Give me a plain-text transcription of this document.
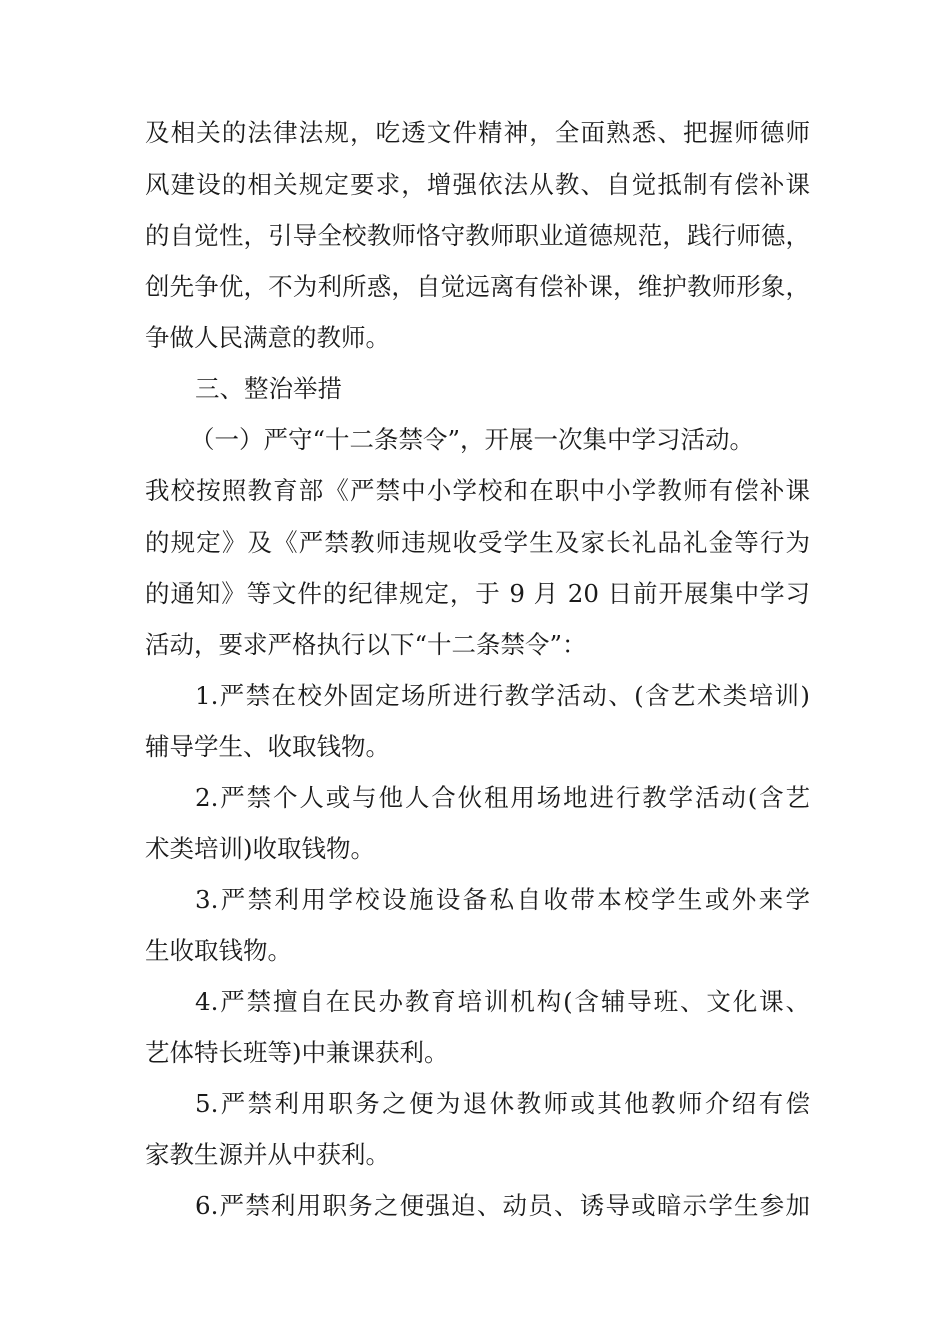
及相关的法律法规，吃透文件精神，全面熟悉、把握师德师
风建设的相关规定要求，增强依法从教、自觉抵制有偿补课
的自觉性，引导全校教师恪守教师职业道德规范，践行师德，
创先争优，不为利所惑，自觉远离有偿补课，维护教师形象，
争做人民满意的教师。
三、整治举措
（一）严守“十二条禁令”，开展一次集中学习活动。
我校按照教育部《严禁中小学校和在职中小学教师有偿补课
的规定》及《严禁教师违规收受学生及家长礼品礼金等行为
的通知》等文件的纪律规定，于 9 月 20 日前开展集中学习
活动，要求严格执行以下“十二条禁令”：
1.严禁在校外固定场所进行教学活动、(含艺术类培训)
辅导学生、收取钱物。
2.严禁个人或与他人合伙租用场地进行教学活动(含艺
术类培训)收取钱物。
3.严禁利用学校设施设备私自收带本校学生或外来学
生收取钱物。
4.严禁擅自在民办教育培训机构(含辅导班、文化课、
艺体特长班等)中兼课获利。
5.严禁利用职务之便为退休教师或其他教师介绍有偿
家教生源并从中获利。
6.严禁利用职务之便强迫、动员、诱导或暗示学生参加
